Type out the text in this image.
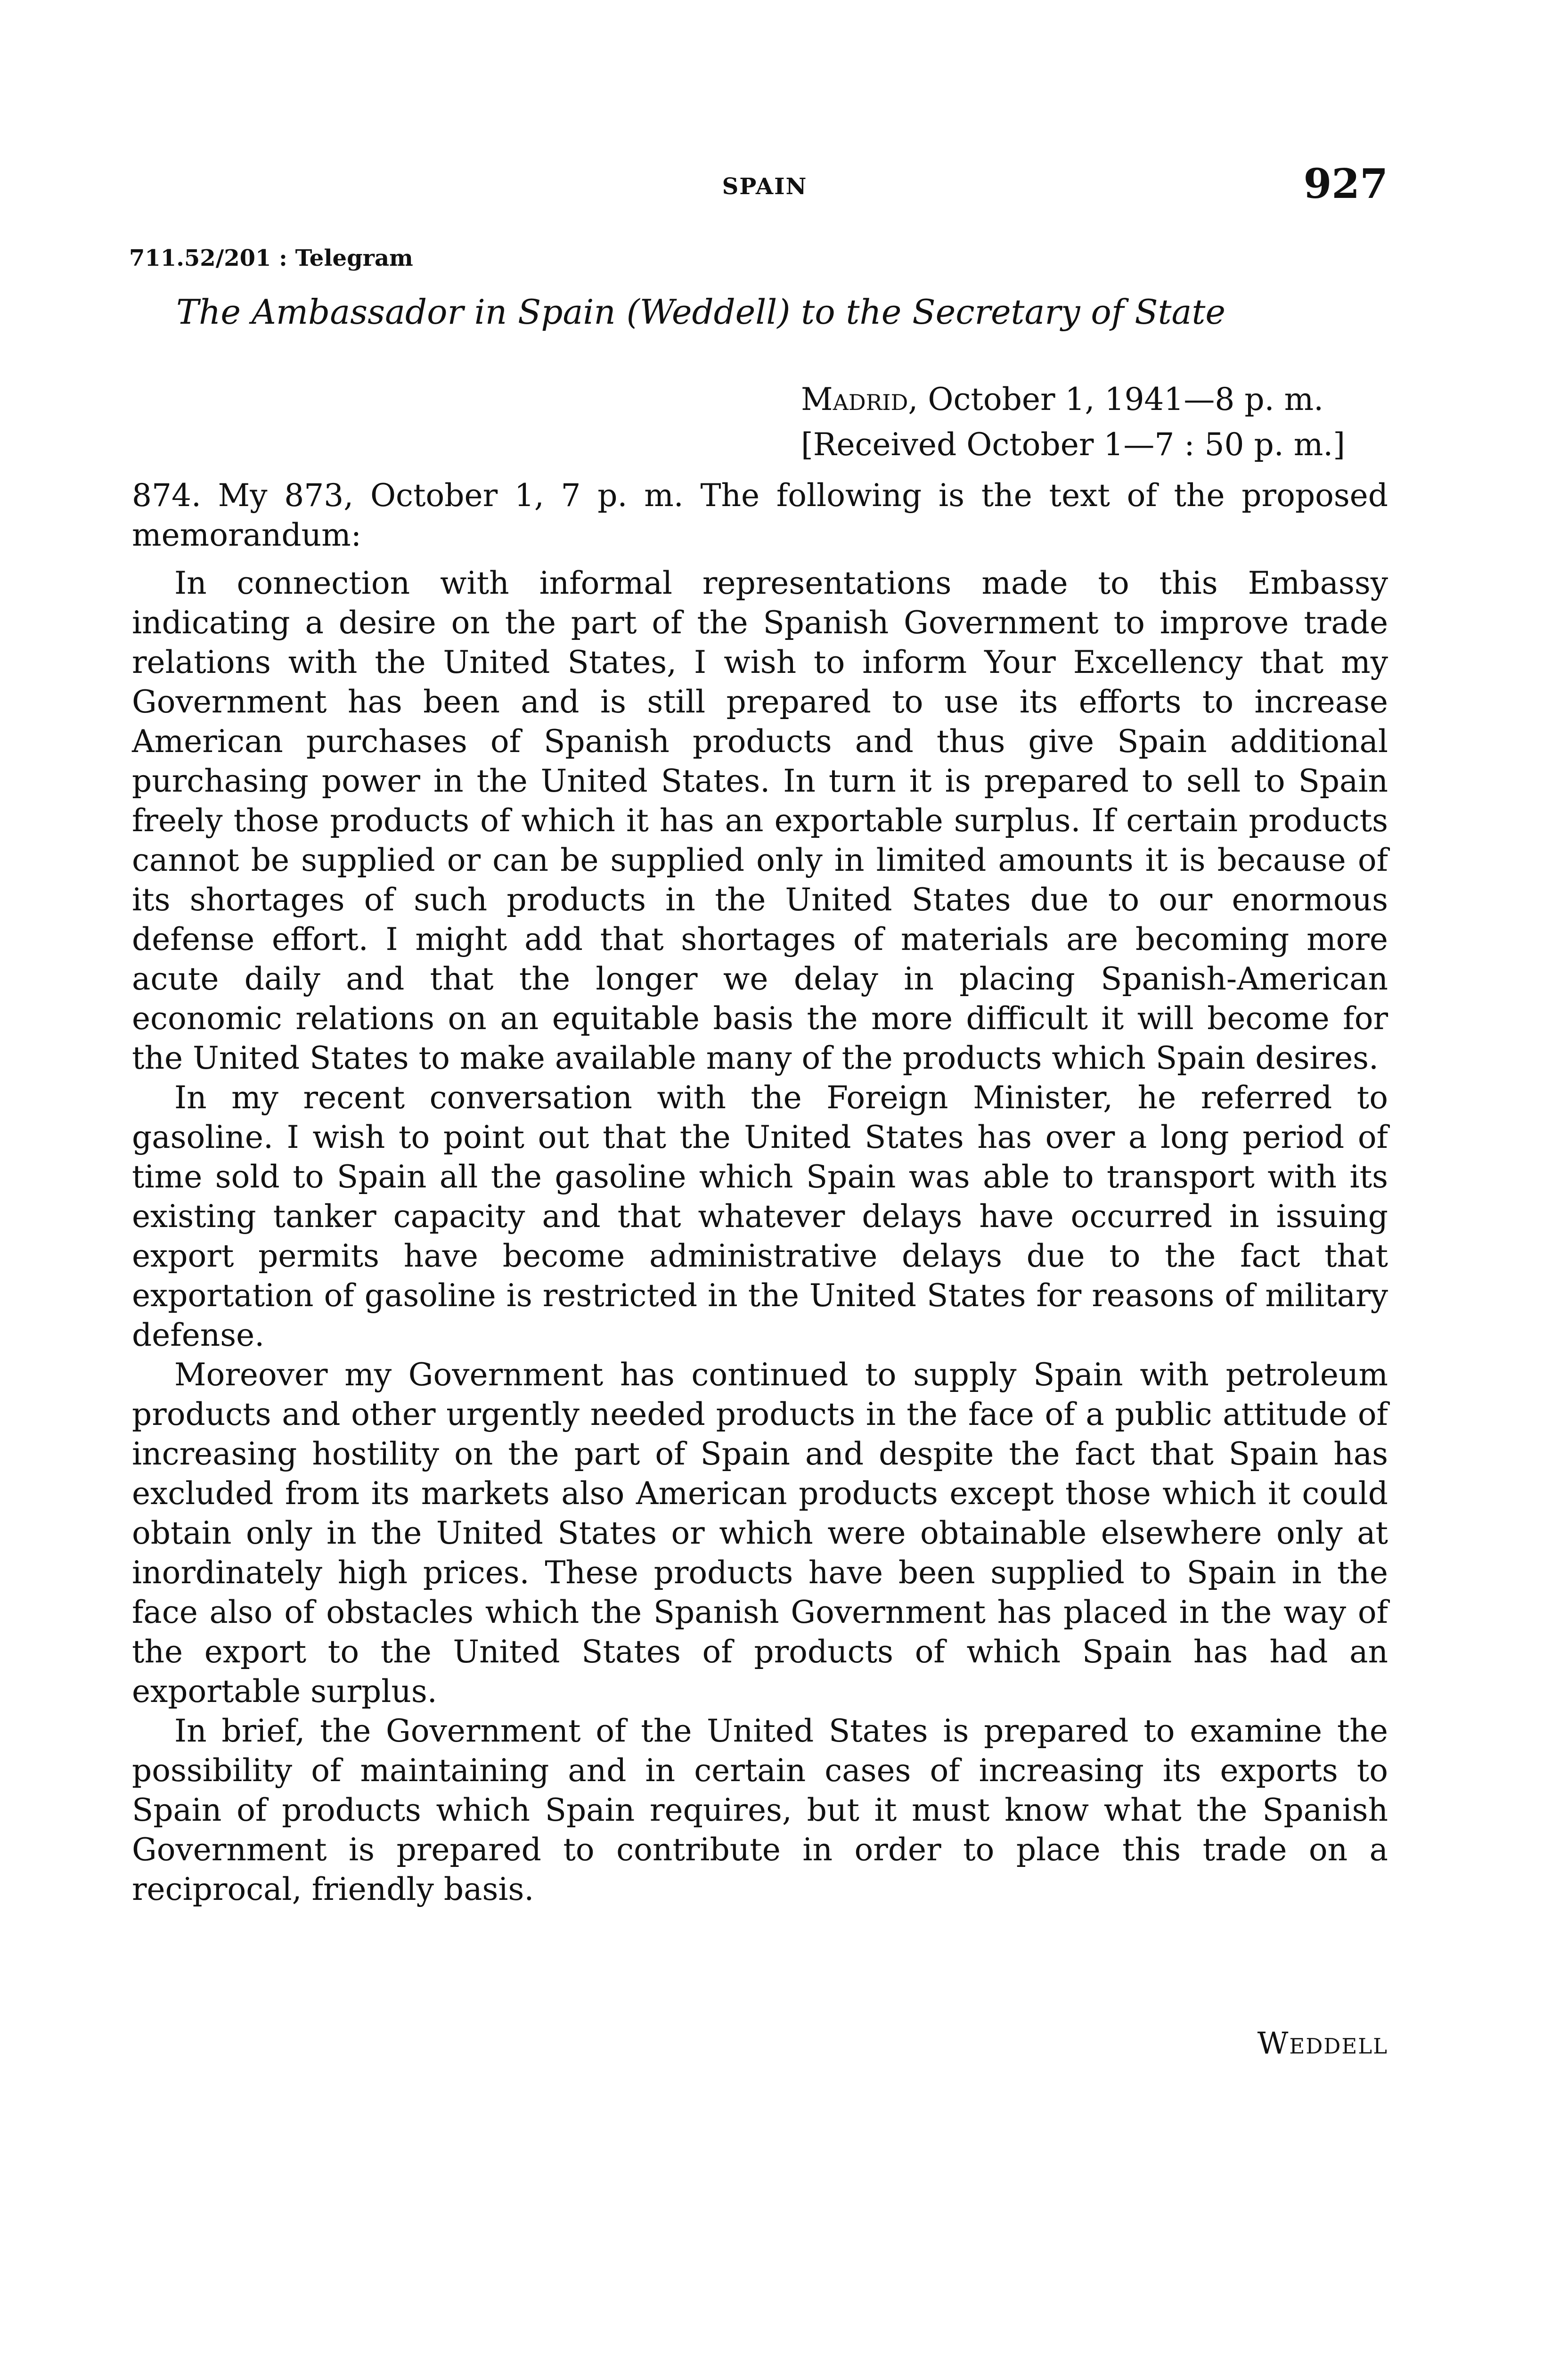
SPAIN	927
711.52/201 : Telegram
The Ambassador in Spain (Weddell) to the Secretary of State
Madrid, October 1, 1941—8 p. m.
[Received October 1—7 : 50 p. m.]

874. My 873, October 1, 7 p. m. The following is the text of the proposed memorandum:

In connection with informal representations made to this Embassy indicating a desire on the part of the Spanish Government to improve trade relations with the United States, I wish to inform Your Excellency that my Government has been and is still prepared to use its efforts to increase American purchases of Spanish products and thus give Spain additional purchasing power in the United States. In turn it is prepared to sell to Spain freely those products of which it has an exportable surplus. If certain products cannot be supplied or can be supplied only in limited amounts it is because of its shortages of such products in the United States due to our enormous defense effort. I might add that shortages of materials are becoming more acute daily and that the longer we delay in placing Spanish-American economic relations on an equitable basis the more difficult it will become for the United States to make available many of the products which Spain desires.

In my recent conversation with the Foreign Minister, he referred to gasoline. I wish to point out that the United States has over a long period of time sold to Spain all the gasoline which Spain was able to transport with its existing tanker capacity and that whatever delays have occurred in issuing export permits have become administrative delays due to the fact that exportation of gasoline is restricted in the United States for reasons of military defense.

Moreover my Government has continued to supply Spain with petroleum products and other urgently needed products in the face of a public attitude of increasing hostility on the part of Spain and despite the fact that Spain has excluded from its markets also American products except those which it could obtain only in the United States or which were obtainable elsewhere only at inordinately high prices. These products have been supplied to Spain in the face also of obstacles which the Spanish Government has placed in the way of the export to the United States of products of which Spain has had an exportable surplus.

In brief, the Government of the United States is prepared to examine the possibility of maintaining and in certain cases of increasing its exports to Spain of products which Spain requires, but it must know what the Spanish Government is prepared to contribute in order to place this trade on a reciprocal, friendly basis.

Weddell
